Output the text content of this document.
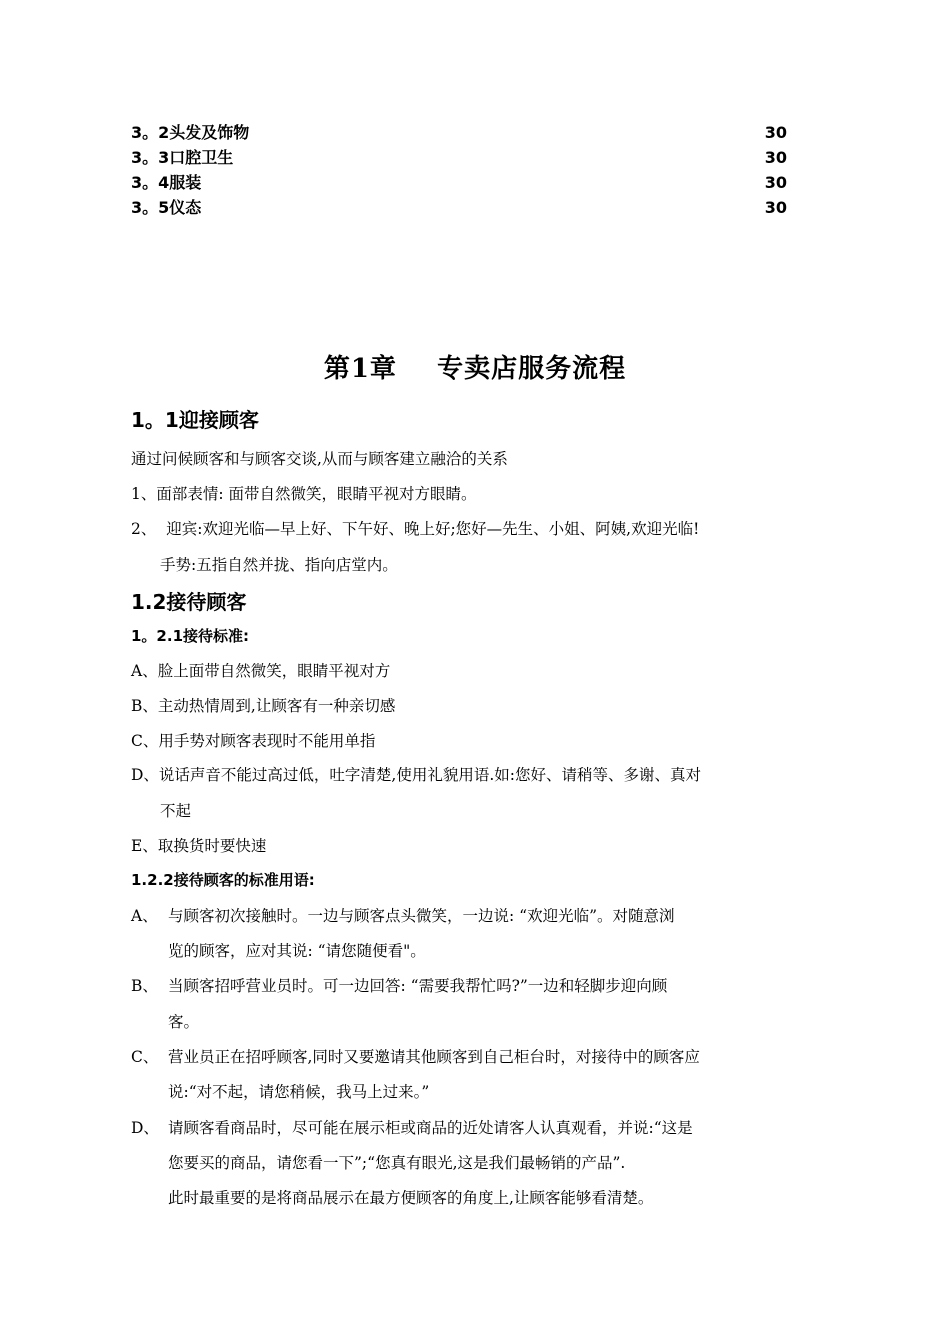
3。2头发及饰物	30
3。3口腔卫生	30
3。4服装	30
3。5仪态	30
第1章    专卖店服务流程
1。1迎接顾客
通过问候顾客和与顾客交谈,从而与顾客建立融洽的关系
1、面部表情: 面带自然微笑，眼睛平视对方眼睛。
2、  迎宾:欢迎光临—早上好、下午好、晚上好;您好—先生、小姐、阿姨,欢迎光临!
手势:五指自然并拢、指向店堂内。
1.2接待顾客
1。2.1接待标准:
A、脸上面带自然微笑，眼睛平视对方
B、主动热情周到,让顾客有一种亲切感
C、用手势对顾客表现时不能用单指
D、说话声音不能过高过低，吐字清楚,使用礼貌用语.如:您好、请稍等、多谢、真对
不起
E、取换货时要快速
1.2.2接待顾客的标准用语:
A、 与顾客初次接触时。一边与顾客点头微笑，一边说: “欢迎光临”。对随意浏
览的顾客，应对其说: “请您随便看"。
B、 当顾客招呼营业员时。可一边回答: “需要我帮忙吗?”一边和轻脚步迎向顾
客。
C、 营业员正在招呼顾客,同时又要邀请其他顾客到自己柜台时，对接待中的顾客应
说:“对不起，请您稍候，我马上过来。”
D、 请顾客看商品时，尽可能在展示柜或商品的近处请客人认真观看，并说:“这是
您要买的商品，请您看一下”;“您真有眼光,这是我们最畅销的产品”.
此时最重要的是将商品展示在最方便顾客的角度上,让顾客能够看清楚。
